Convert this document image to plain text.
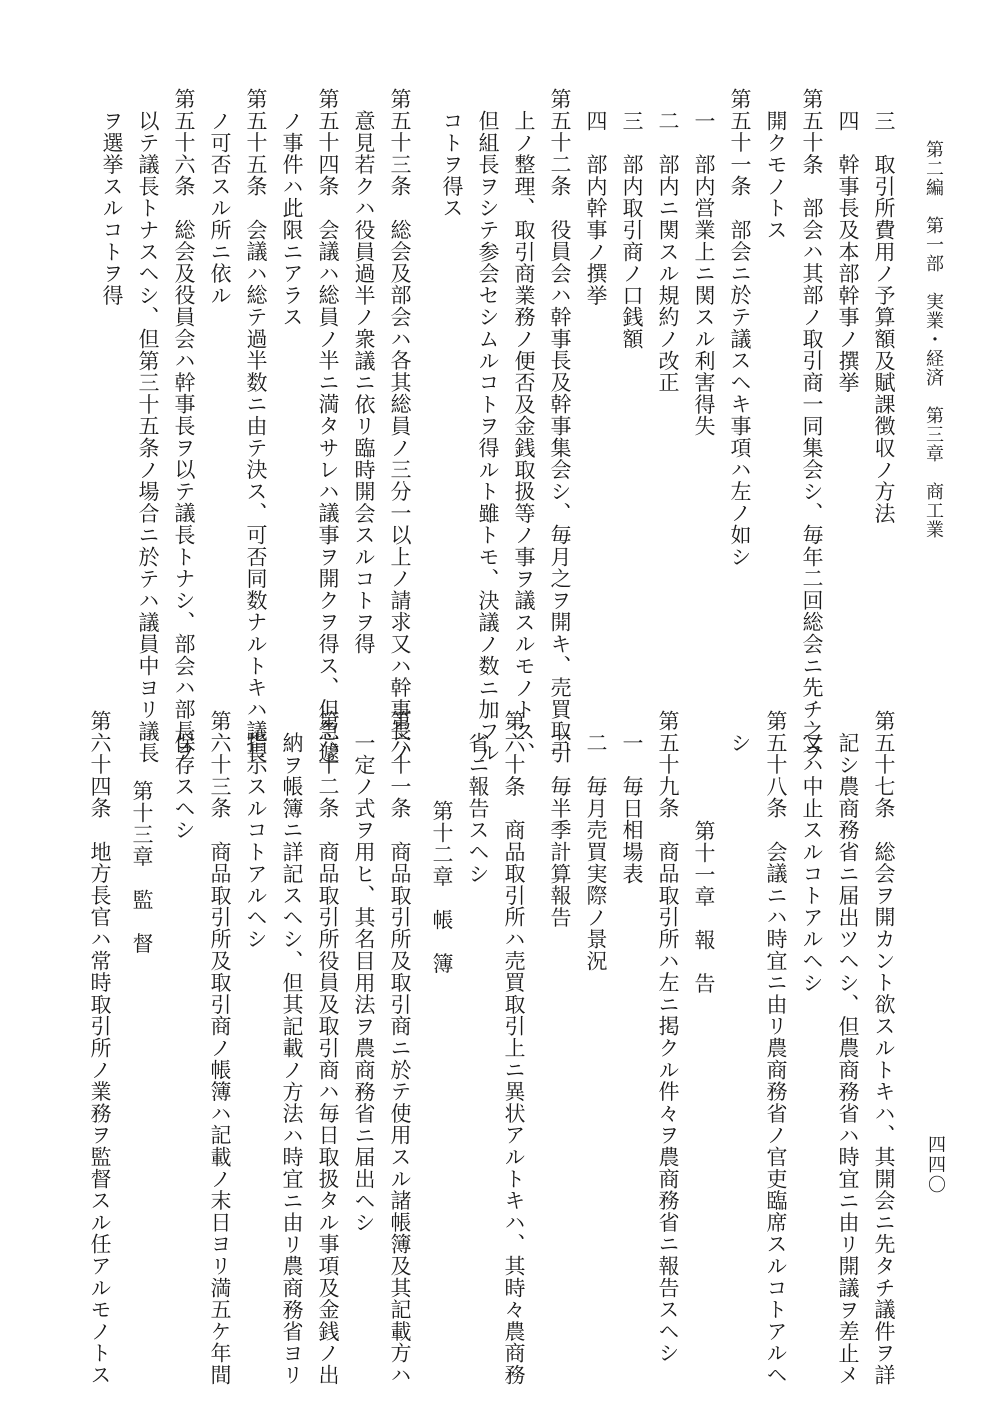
第二編　第一部　実業・経済　第三章　商工業
三　取引所費用ノ予算額及賦課徴収ノ方法
四　幹事長及本部幹事ノ撰挙
第五十条　部会ハ其部ノ取引商一同集会シ、毎年二回総会ニ先チ之ヲ
開クモノトス
第五十一条　部会ニ於テ議スヘキ事項ハ左ノ如シ
一　部内営業上ニ関スル利害得失
二　部内ニ関スル規約ノ改正
三　部内取引商ノ口銭額
四　部内幹事ノ撰挙
第五十二条　役員会ハ幹事長及幹事集会シ、毎月之ヲ開キ、売買取引
上ノ整理、取引商業務ノ便否及金銭取扱等ノ事ヲ議スルモノトス、
但組長ヲシテ参会セシムルコトヲ得ルト雖トモ、決議ノ数ニ加フル
コトヲ得ス
第五十三条　総会及部会ハ各其総員ノ三分一以上ノ請求又ハ幹事長ノ
意見若クハ役員過半ノ衆議ニ依リ臨時開会スルコトヲ得
第五十四条　会議ハ総員ノ半ニ満タサレハ議事ヲ開クヲ得ス、但急遽
ノ事件ハ此限ニアラス
第五十五条　会議ハ総テ過半数ニ由テ決ス、可否同数ナルトキハ議長
ノ可否スル所ニ依ル
第五十六条　総会及役員会ハ幹事長ヲ以テ議長トナシ、部会ハ部長ヲ
以テ議長トナスヘシ、但第三十五条ノ場合ニ於テハ議員中ヨリ議長
ヲ選挙スルコトヲ得
第五十七条　総会ヲ開カント欲スルトキハ、其開会ニ先タチ議件ヲ詳
記シ農商務省ニ届出ツヘシ、但農商務省ハ時宜ニ由リ開議ヲ差止メ
又ハ中止スルコトアルヘシ
第五十八条　会議ニハ時宜ニ由リ農商務省ノ官吏臨席スルコトアルヘ
シ
第十一章　報　告
第五十九条　商品取引所ハ左ニ掲クル件々ヲ農商務省ニ報告スヘシ
一　毎日相場表
二　毎月売買実際ノ景況
三　毎半季計算報告
第六十条　商品取引所ハ売買取引上ニ異状アルトキハ、其時々農商務
省ニ報告スヘシ
第十二章　帳　簿
第六十一条　商品取引所及取引商ニ於テ使用スル諸帳簿及其記載方ハ
一定ノ式ヲ用ヒ、其名目用法ヲ農商務省ニ届出ヘシ
第六十二条　商品取引所役員及取引商ハ毎日取扱タル事項及金銭ノ出
納ヲ帳簿ニ詳記スヘシ、但其記載ノ方法ハ時宜ニ由リ農商務省ヨリ
指示スルコトアルヘシ
第六十三条　商品取引所及取引商ノ帳簿ハ記載ノ末日ヨリ満五ケ年間
保存スヘシ
第十三章　監　督
第六十四条　地方長官ハ常時取引所ノ業務ヲ監督スル任アルモノトス	四四〇
